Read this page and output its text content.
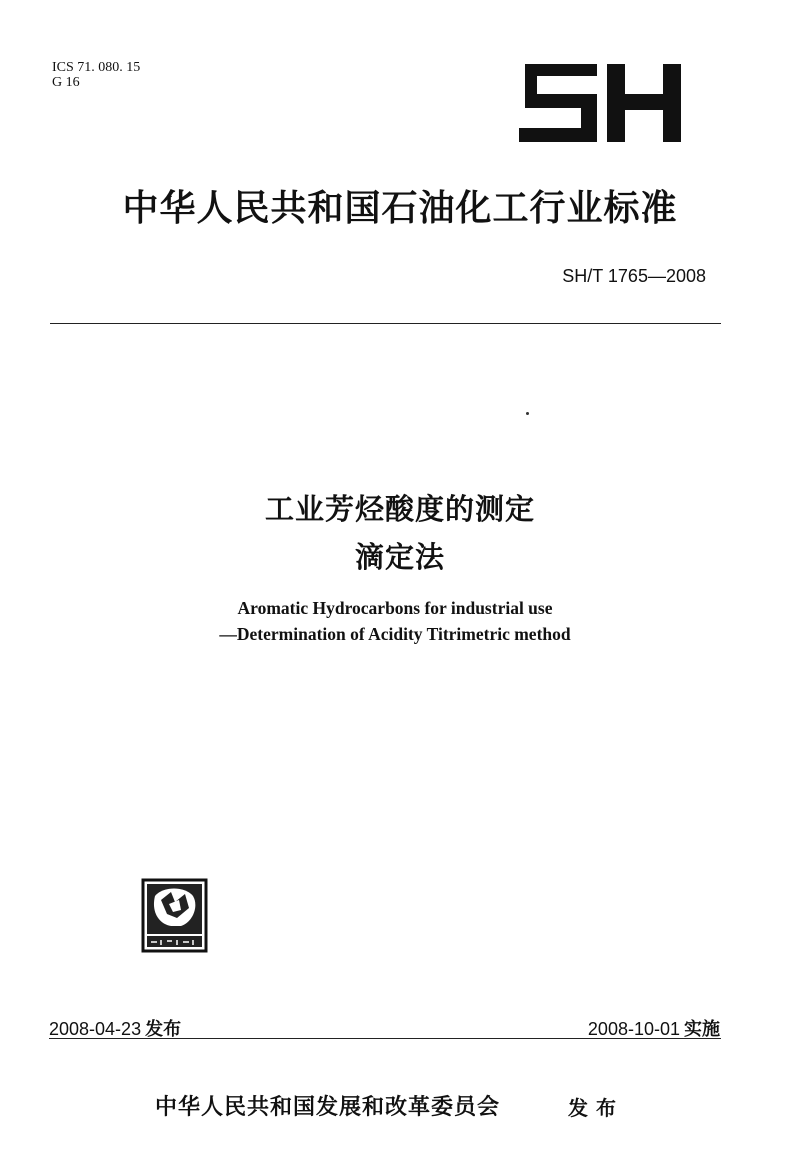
ICS 71. 080. 15
G 16
中华人民共和国石油化工行业标准
SH/T 1765—2008
工业芳烃酸度的测定
滴定法
Aromatic Hydrocarbons for industrial use
—Determination of Acidity Titrimetric method
2008-04-23 发布	2008-10-01 实施
中华人民共和国发展和改革委员会	发布
